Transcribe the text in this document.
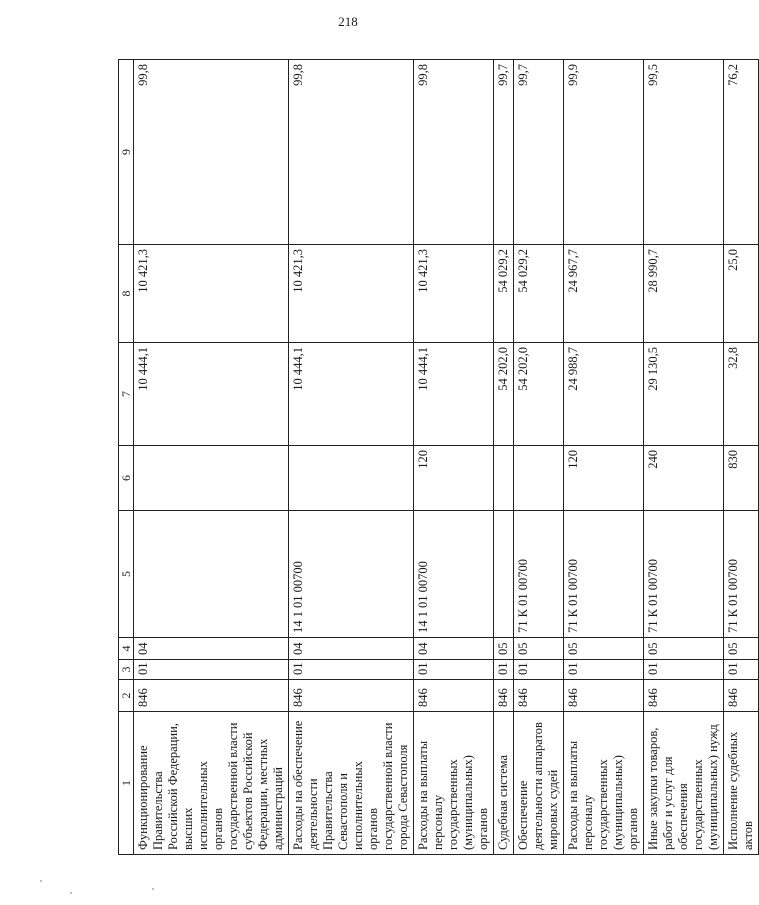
218
1	2	3	4	5	6	7	8	9
Функционирование Правительства Российской Федерации, высших исполнительных органов государственной власти субъектов Российской Федерации, местных администраций	846	01	04			10 444,1	10 421,3	99,8
Расходы на обеспечение деятельности Правительства Севастополя и исполнительных органов государственной власти города Севастополя	846	01	04	14 1 01 00700		10 444,1	10 421,3	99,8
Расходы на выплаты персоналу государственных (муниципальных) органов	846	01	04	14 1 01 00700	120	10 444,1	10 421,3	99,8
Судебная система	846	01	05			54 202,0	54 029,2	99,7
Обеспечение деятельности аппаратов мировых судей	846	01	05	71 К 01 00700		54 202,0	54 029,2	99,7
Расходы на выплаты персоналу государственных (муниципальных) органов	846	01	05	71 К 01 00700	120	24 988,7	24 967,7	99,9
Иные закупки товаров, работ и услуг для обеспечения государственных (муниципальных) нужд	846	01	05	71 К 01 00700	240	29 130,5	28 990,7	99,5
Исполнение судебных актов	846	01	05	71 К 01 00700	830	32,8	25,0	76,2
